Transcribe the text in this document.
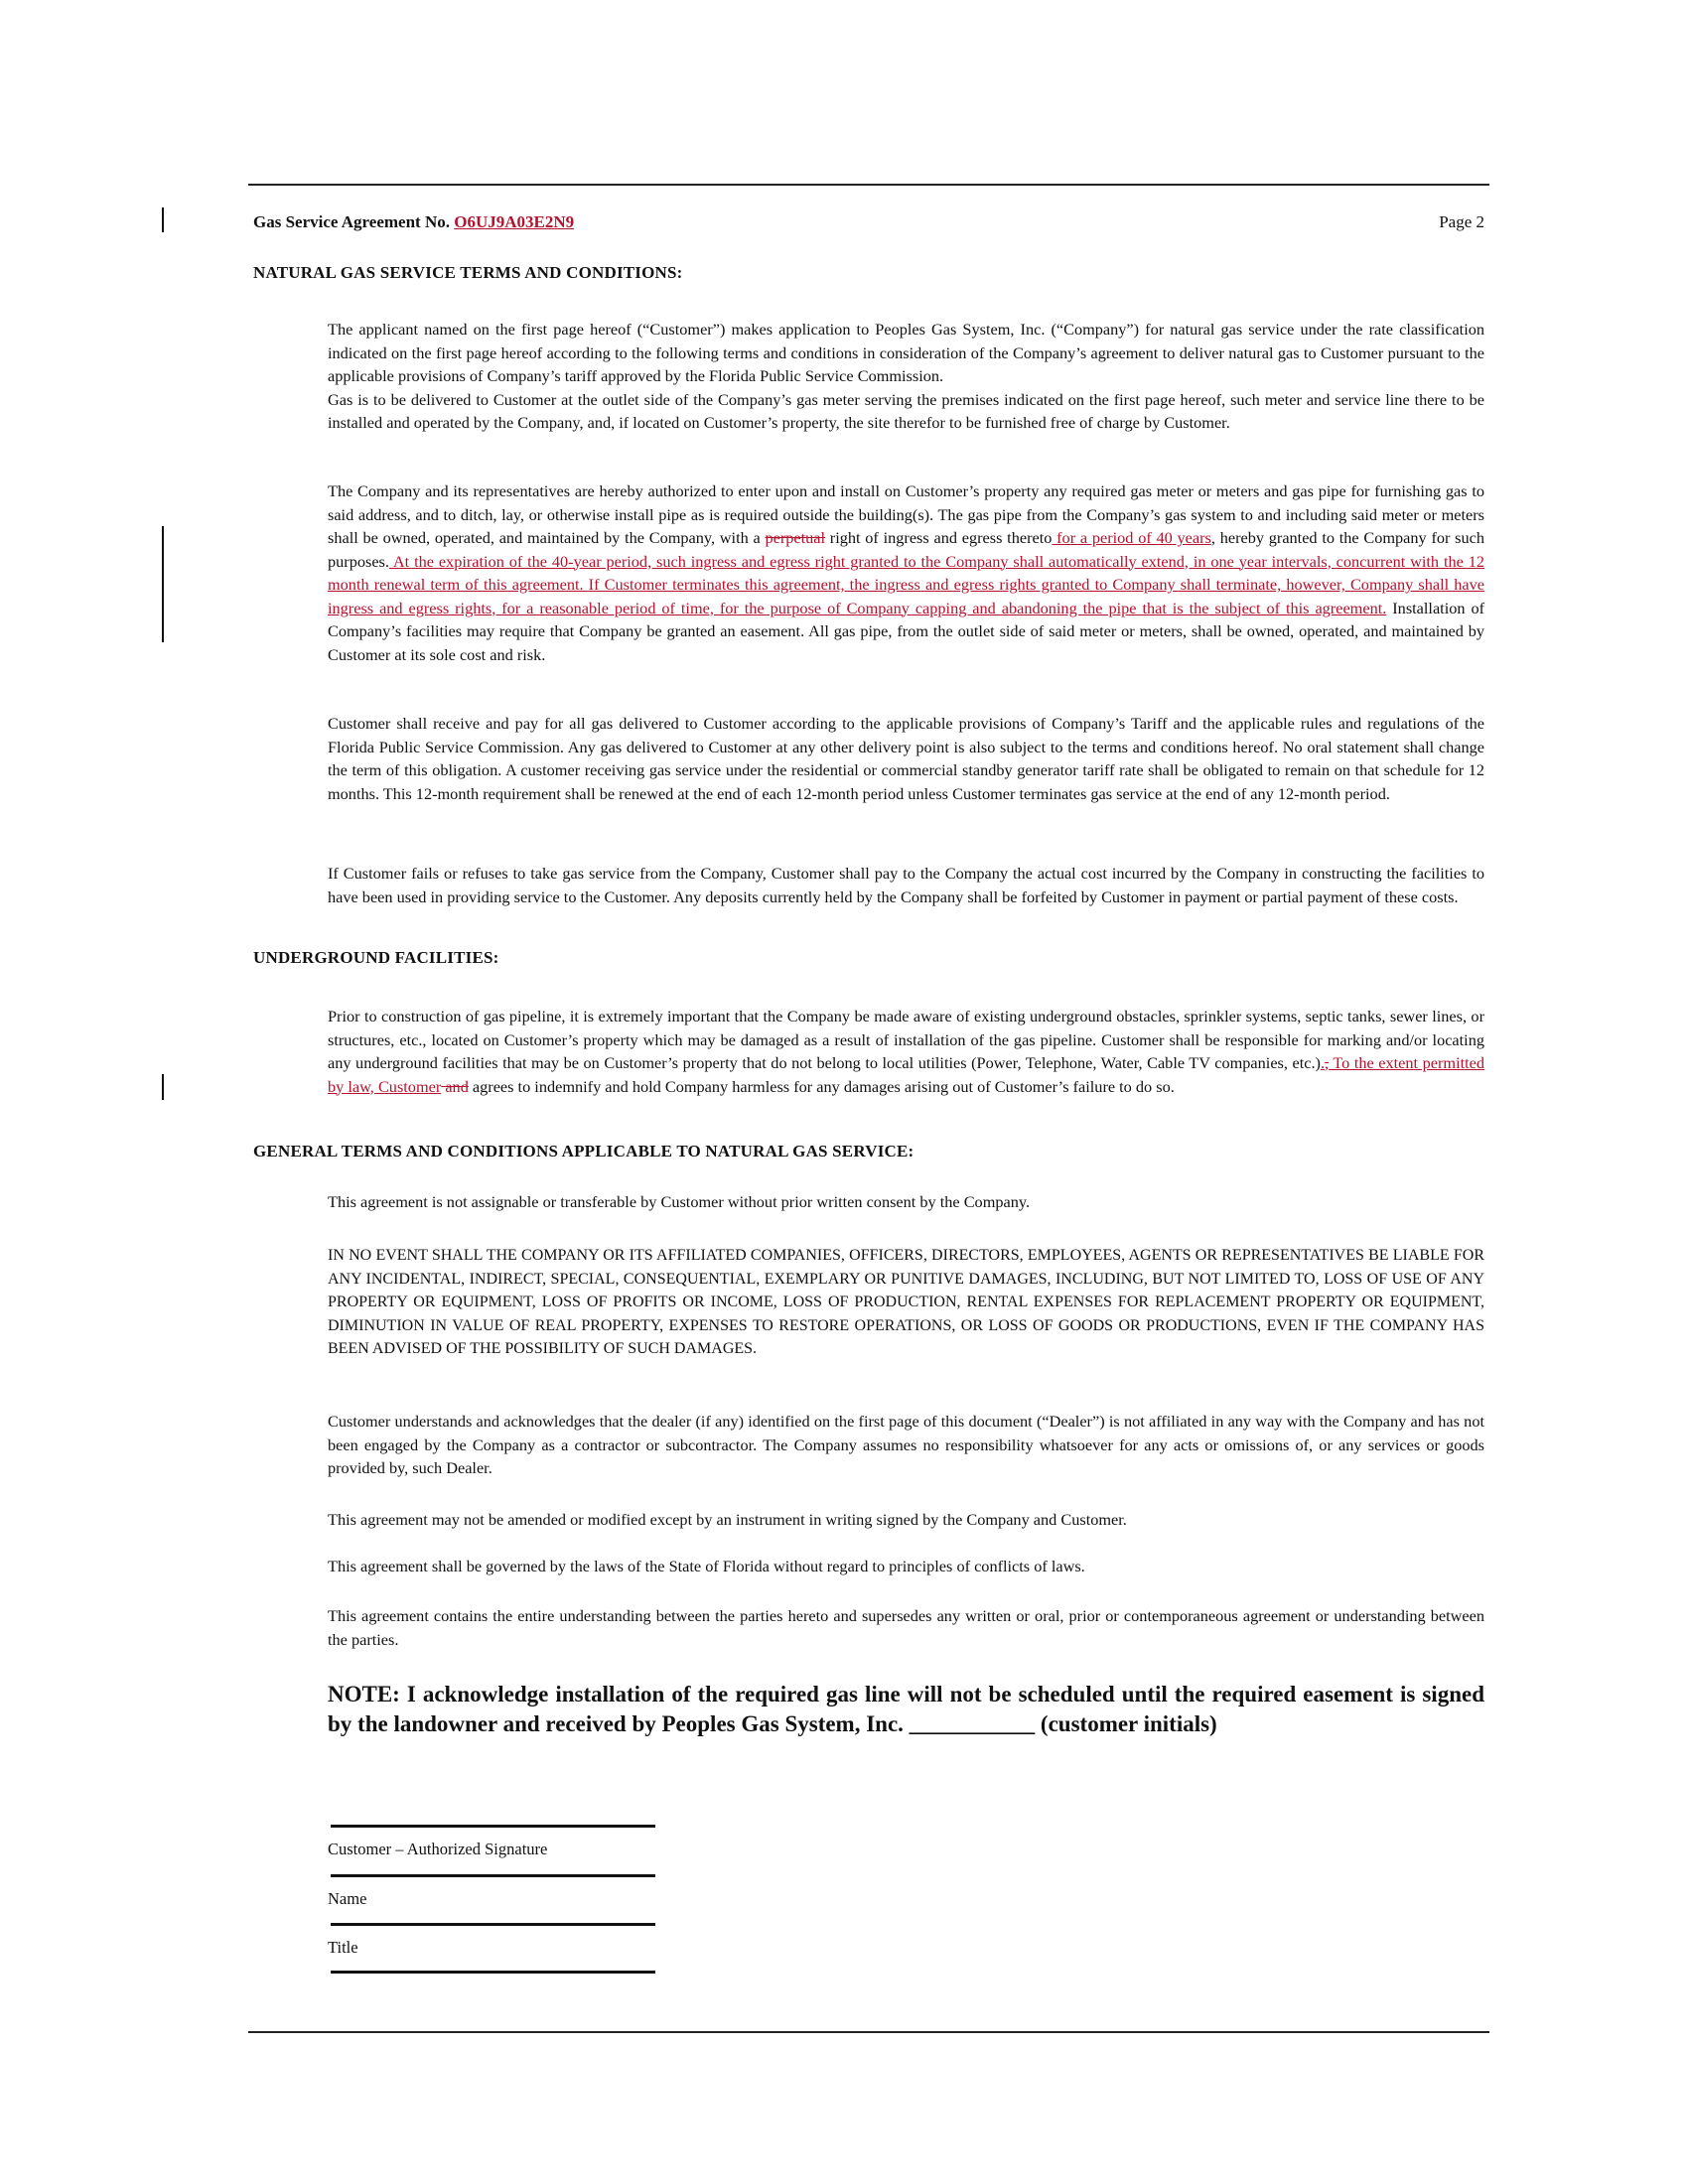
Gas Service Agreement No. O6UJ9A03E2N9	Page 2
NATURAL GAS SERVICE TERMS AND CONDITIONS:
The applicant named on the first page hereof (“Customer”) makes application to Peoples Gas System, Inc. (“Company”) for natural gas service under the rate classification indicated on the first page hereof according to the following terms and conditions in consideration of the Company’s agreement to deliver natural gas to Customer pursuant to the applicable provisions of Company’s tariff approved by the Florida Public Service Commission.
Gas is to be delivered to Customer at the outlet side of the Company’s gas meter serving the premises indicated on the first page hereof, such meter and service line there to be installed and operated by the Company, and, if located on Customer’s property, the site therefor to be furnished free of charge by Customer.
The Company and its representatives are hereby authorized to enter upon and install on Customer’s property any required gas meter or meters and gas pipe for furnishing gas to said address, and to ditch, lay, or otherwise install pipe as is required outside the building(s). The gas pipe from the Company’s gas system to and including said meter or meters shall be owned, operated, and maintained by the Company, with a perpetual right of ingress and egress thereto for a period of 40 years, hereby granted to the Company for such purposes. At the expiration of the 40-year period, such ingress and egress right granted to the Company shall automatically extend, in one year intervals, concurrent with the 12 month renewal term of this agreement. If Customer terminates this agreement, the ingress and egress rights granted to Company shall terminate, however, Company shall have ingress and egress rights, for a reasonable period of time, for the purpose of Company capping and abandoning the pipe that is the subject of this agreement. Installation of Company’s facilities may require that Company be granted an easement. All gas pipe, from the outlet side of said meter or meters, shall be owned, operated, and maintained by Customer at its sole cost and risk.
Customer shall receive and pay for all gas delivered to Customer according to the applicable provisions of Company’s Tariff and the applicable rules and regulations of the Florida Public Service Commission. Any gas delivered to Customer at any other delivery point is also subject to the terms and conditions hereof. No oral statement shall change the term of this obligation. A customer receiving gas service under the residential or commercial standby generator tariff rate shall be obligated to remain on that schedule for 12 months. This 12-month requirement shall be renewed at the end of each 12-month period unless Customer terminates gas service at the end of any 12-month period.
If Customer fails or refuses to take gas service from the Company, Customer shall pay to the Company the actual cost incurred by the Company in constructing the facilities to have been used in providing service to the Customer. Any deposits currently held by the Company shall be forfeited by Customer in payment or partial payment of these costs.
UNDERGROUND FACILITIES:
Prior to construction of gas pipeline, it is extremely important that the Company be made aware of existing underground obstacles, sprinkler systems, septic tanks, sewer lines, or structures, etc., located on Customer’s property which may be damaged as a result of installation of the gas pipeline. Customer shall be responsible for marking and/or locating any underground facilities that may be on Customer’s property that do not belong to local utilities (Power, Telephone, Water, Cable TV companies, etc.)., To the extent permitted by law, Customer and agrees to indemnify and hold Company harmless for any damages arising out of Customer’s failure to do so.
GENERAL TERMS AND CONDITIONS APPLICABLE TO NATURAL GAS SERVICE:
This agreement is not assignable or transferable by Customer without prior written consent by the Company.
IN NO EVENT SHALL THE COMPANY OR ITS AFFILIATED COMPANIES, OFFICERS, DIRECTORS, EMPLOYEES, AGENTS OR REPRESENTATIVES BE LIABLE FOR ANY INCIDENTAL, INDIRECT, SPECIAL, CONSEQUENTIAL, EXEMPLARY OR PUNITIVE DAMAGES, INCLUDING, BUT NOT LIMITED TO, LOSS OF USE OF ANY PROPERTY OR EQUIPMENT, LOSS OF PROFITS OR INCOME, LOSS OF PRODUCTION, RENTAL EXPENSES FOR REPLACEMENT PROPERTY OR EQUIPMENT, DIMINUTION IN VALUE OF REAL PROPERTY, EXPENSES TO RESTORE OPERATIONS, OR LOSS OF GOODS OR PRODUCTIONS, EVEN IF THE COMPANY HAS BEEN ADVISED OF THE POSSIBILITY OF SUCH DAMAGES.
Customer understands and acknowledges that the dealer (if any) identified on the first page of this document (“Dealer”) is not affiliated in any way with the Company and has not been engaged by the Company as a contractor or subcontractor. The Company assumes no responsibility whatsoever for any acts or omissions of, or any services or goods provided by, such Dealer.
This agreement may not be amended or modified except by an instrument in writing signed by the Company and Customer.
This agreement shall be governed by the laws of the State of Florida without regard to principles of conflicts of laws.
This agreement contains the entire understanding between the parties hereto and supersedes any written or oral, prior or contemporaneous agreement or understanding between the parties.
NOTE: I acknowledge installation of the required gas line will not be scheduled until the required easement is signed by the landowner and received by Peoples Gas System, Inc. ___________ (customer initials)
Customer – Authorized Signature
Name
Title
